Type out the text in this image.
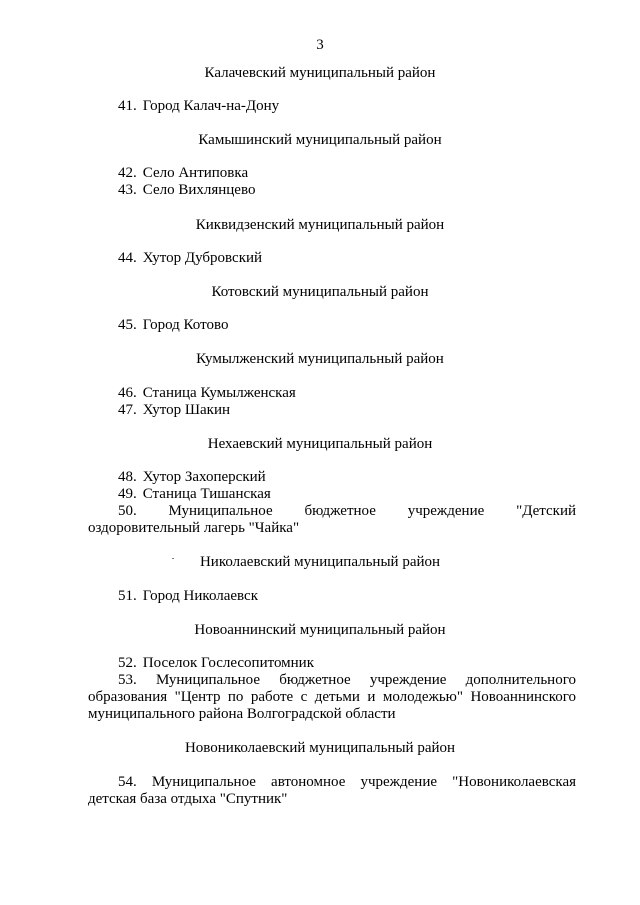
3
Калачевский муниципальный район
41. Город Калач-на-Дону
Камышинский муниципальный район
42. Село Антиповка
43. Село Вихлянцево
Киквидзенский муниципальный район
44. Хутор Дубровский
Котовский муниципальный район
45. Город Котово
Кумылженский муниципальный район
46. Станица Кумылженская
47. Хутор Шакин
Нехаевский муниципальный район
48. Хутор Захоперский
49. Станица Тишанская
50. Муниципальное бюджетное учреждение "Детский
оздоровительный лагерь "Чайка"
Николаевский муниципальный район
51. Город Николаевск
Новоаннинский муниципальный район
52. Поселок Гослесопитомник
53. Муниципальное бюджетное учреждение дополнительного
образования "Центр по работе с детьми и молодежью" Новоаннинского
муниципального района Волгоградской области
Новониколаевский муниципальный район
54. Муниципальное автономное учреждение "Новониколаевская
детская база отдыха "Спутник"
